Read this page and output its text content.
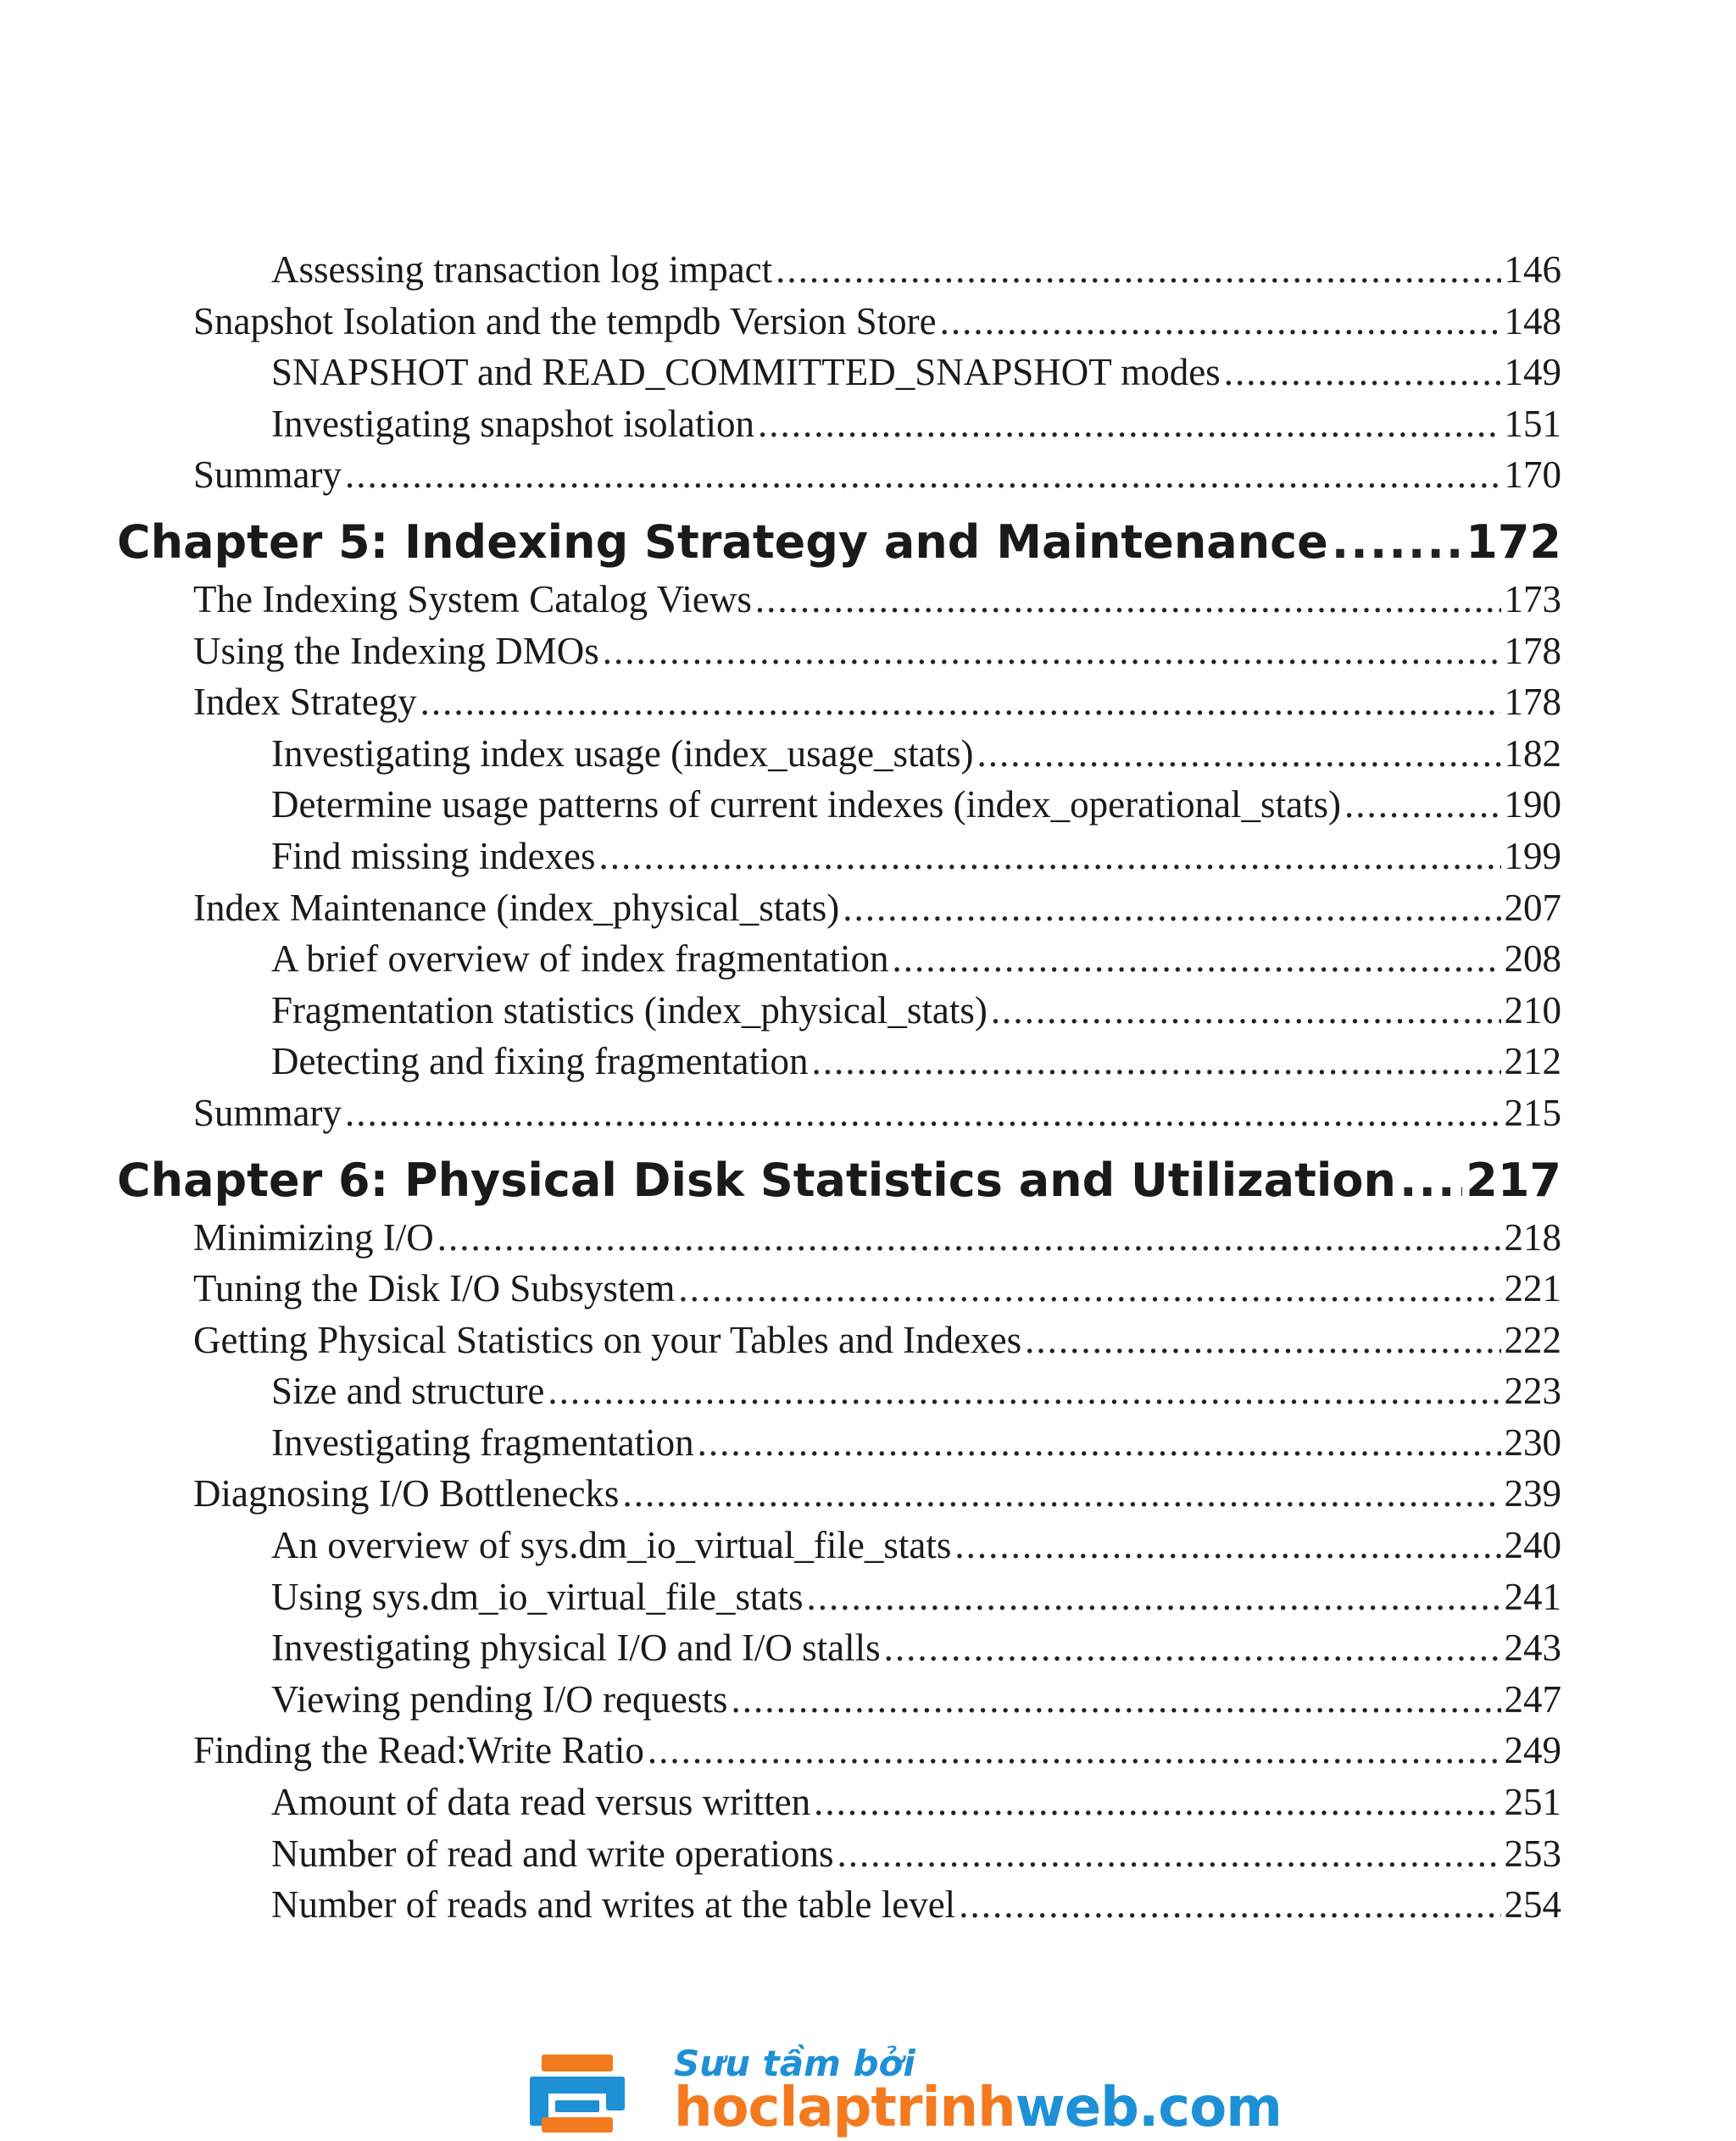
Assessing transaction log impact .....	146
Snapshot Isolation and the tempdb Version Store .....	148
SNAPSHOT and READ_COMMITTED_SNAPSHOT modes .....	149
Investigating snapshot isolation .....	151
Summary .....	170
Chapter 5: Indexing Strategy and Maintenance .....	172
The Indexing System Catalog Views .....	173
Using the Indexing DMOs .....	178
Index Strategy .....	178
Investigating index usage (index_usage_stats) .....	182
Determine usage patterns of current indexes (index_operational_stats) .....	190
Find missing indexes .....	199
Index Maintenance (index_physical_stats) .....	207
A brief overview of index fragmentation .....	208
Fragmentation statistics (index_physical_stats) .....	210
Detecting and fixing fragmentation .....	212
Summary .....	215
Chapter 6: Physical Disk Statistics and Utilization ..... 217
Minimizing I/O .....	218
Tuning the Disk I/O Subsystem .....	221
Getting Physical Statistics on your Tables and Indexes .....	222
Size and structure .....	223
Investigating fragmentation .....	230
Diagnosing I/O Bottlenecks .....	239
An overview of sys.dm_io_virtual_file_stats .....	240
Using sys.dm_io_virtual_file_stats .....	241
Investigating physical I/O and I/O stalls .....	243
Viewing pending I/O requests .....	247
Finding the Read:Write Ratio .....	249
Amount of data read versus written .....	251
Number of read and write operations .....	253
Number of reads and writes at the table level .....	254
Sưu tầm bởi
hoclaptrinhweb.com
